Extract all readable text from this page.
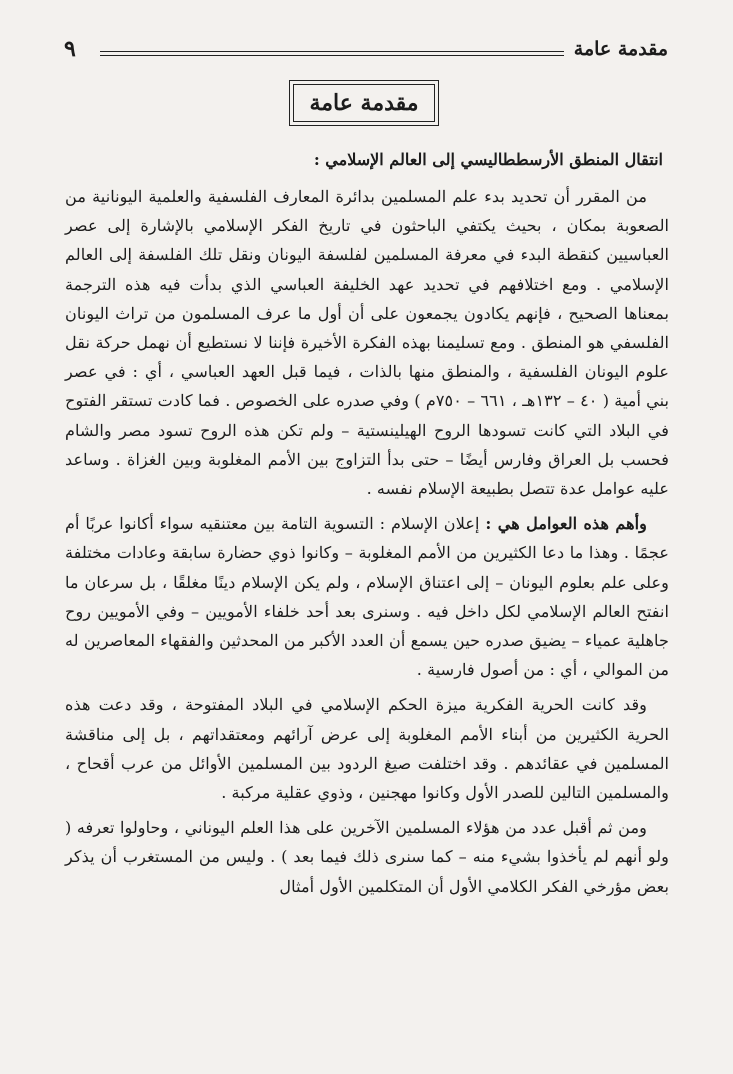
مقدمة عامة
٩
مقدمة عامة
انتقال المنطق الأرسططاليسي إلى العالم الإسلامي :

من المقرر أن تحديد بدء علم المسلمين بدائرة المعارف الفلسفية والعلمية اليونانية من الصعوبة بمكان ، بحيث يكتفي الباحثون في تاريخ الفكر الإسلامي بالإشارة إلى عصر العباسيين كنقطة البدء في معرفة المسلمين لفلسفة اليونان ونقل تلك الفلسفة إلى العالم الإسلامي . ومع اختلافهم في تحديد عهد الخليفة العباسي الذي بدأت فيه هذه الترجمة بمعناها الصحيح ، فإنهم يكادون يجمعون على أن أول ما عرف المسلمون من تراث اليونان الفلسفي هو المنطق . ومع تسليمنا بهذه الفكرة الأخيرة فإننا لا نستطيع أن نهمل حركة نقل علوم اليونان الفلسفية ، والمنطق منها بالذات ، فيما قبل العهد العباسي ، أي : في عصر بني أمية ( ٤٠ – ١٣٢هـ ، ٦٦١ – ٧٥٠م ) وفي صدره على الخصوص . فما كادت تستقر الفتوح في البلاد التي كانت تسودها الروح الهيلينستية – ولم تكن هذه الروح تسود مصر والشام فحسب بل العراق وفارس أيضًا – حتى بدأ التزاوج بين الأمم المغلوبة وبين الغزاة . وساعد عليه عوامل عدة تتصل بطبيعة الإسلام نفسه .

وأهم هذه العوامل هي : إعلان الإسلام : التسوية التامة بين معتنقيه سواء أكانوا عربًا أم عجمًا . وهذا ما دعا الكثيرين من الأمم المغلوبة – وكانوا ذوي حضارة سابقة وعادات مختلفة وعلى علم بعلوم اليونان – إلى اعتناق الإسلام ، ولم يكن الإسلام دينًا مغلقًا ، بل سرعان ما انفتح العالم الإسلامي لكل داخل فيه . وسنرى بعد أحد خلفاء الأمويين – وفي الأمويين روح جاهلية عمياء – يضيق صدره حين يسمع أن العدد الأكبر من المحدثين والفقهاء المعاصرين له من الموالي ، أي : من أصول فارسية .

وقد كانت الحرية الفكرية ميزة الحكم الإسلامي في البلاد المفتوحة ، وقد دعت هذه الحرية الكثيرين من أبناء الأمم المغلوبة إلى عرض آرائهم ومعتقداتهم ، بل إلى مناقشة المسلمين في عقائدهم . وقد اختلفت صيغ الردود بين المسلمين الأوائل من عرب أقحاح ، والمسلمين التالين للصدر الأول وكانوا مهجنين ، وذوي عقلية مركبة .

ومن ثم أقبل عدد من هؤلاء المسلمين الآخرين على هذا العلم اليوناني ، وحاولوا تعرفه ( ولو أنهم لم يأخذوا بشيء منه – كما سنرى ذلك فيما بعد ) . وليس من المستغرب أن يذكر بعض مؤرخي الفكر الكلامي الأول أن المتكلمين الأول أمثال
